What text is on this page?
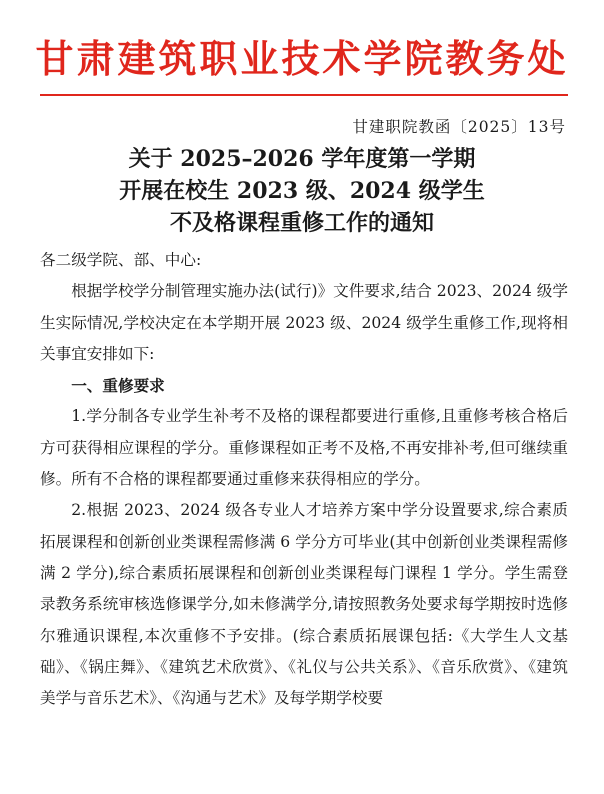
甘肃建筑职业技术学院教务处
甘建职院教函〔2025〕13号
关于 2025–2026 学年度第一学期
开展在校生 2023 级、2024 级学生
不及格课程重修工作的通知

各二级学院、部、中心:

根据学校学分制管理实施办法(试行)》文件要求,结合 2023、2024 级学生实际情况,学校决定在本学期开展 2023 级、2024 级学生重修工作,现将相关事宜安排如下:

一、重修要求

1.学分制各专业学生补考不及格的课程都要进行重修,且重修考核合格后方可获得相应课程的学分。重修课程如正考不及格,不再安排补考,但可继续重修。所有不合格的课程都要通过重修来获得相应的学分。

2.根据 2023、2024 级各专业人才培养方案中学分设置要求,综合素质拓展课程和创新创业类课程需修满 6 学分方可毕业(其中创新创业类课程需修满 2 学分),综合素质拓展课程和创新创业类课程每门课程 1 学分。学生需登录教务系统审核选修课学分,如未修满学分,请按照教务处要求每学期按时选修尔雅通识课程,本次重修不予安排。(综合素质拓展课包括:《大学生人文基础》、《锅庄舞》、《建筑艺术欣赏》、《礼仪与公共关系》、《音乐欣赏》、《建筑美学与音乐艺术》、《沟通与艺术》及每学期学校要
